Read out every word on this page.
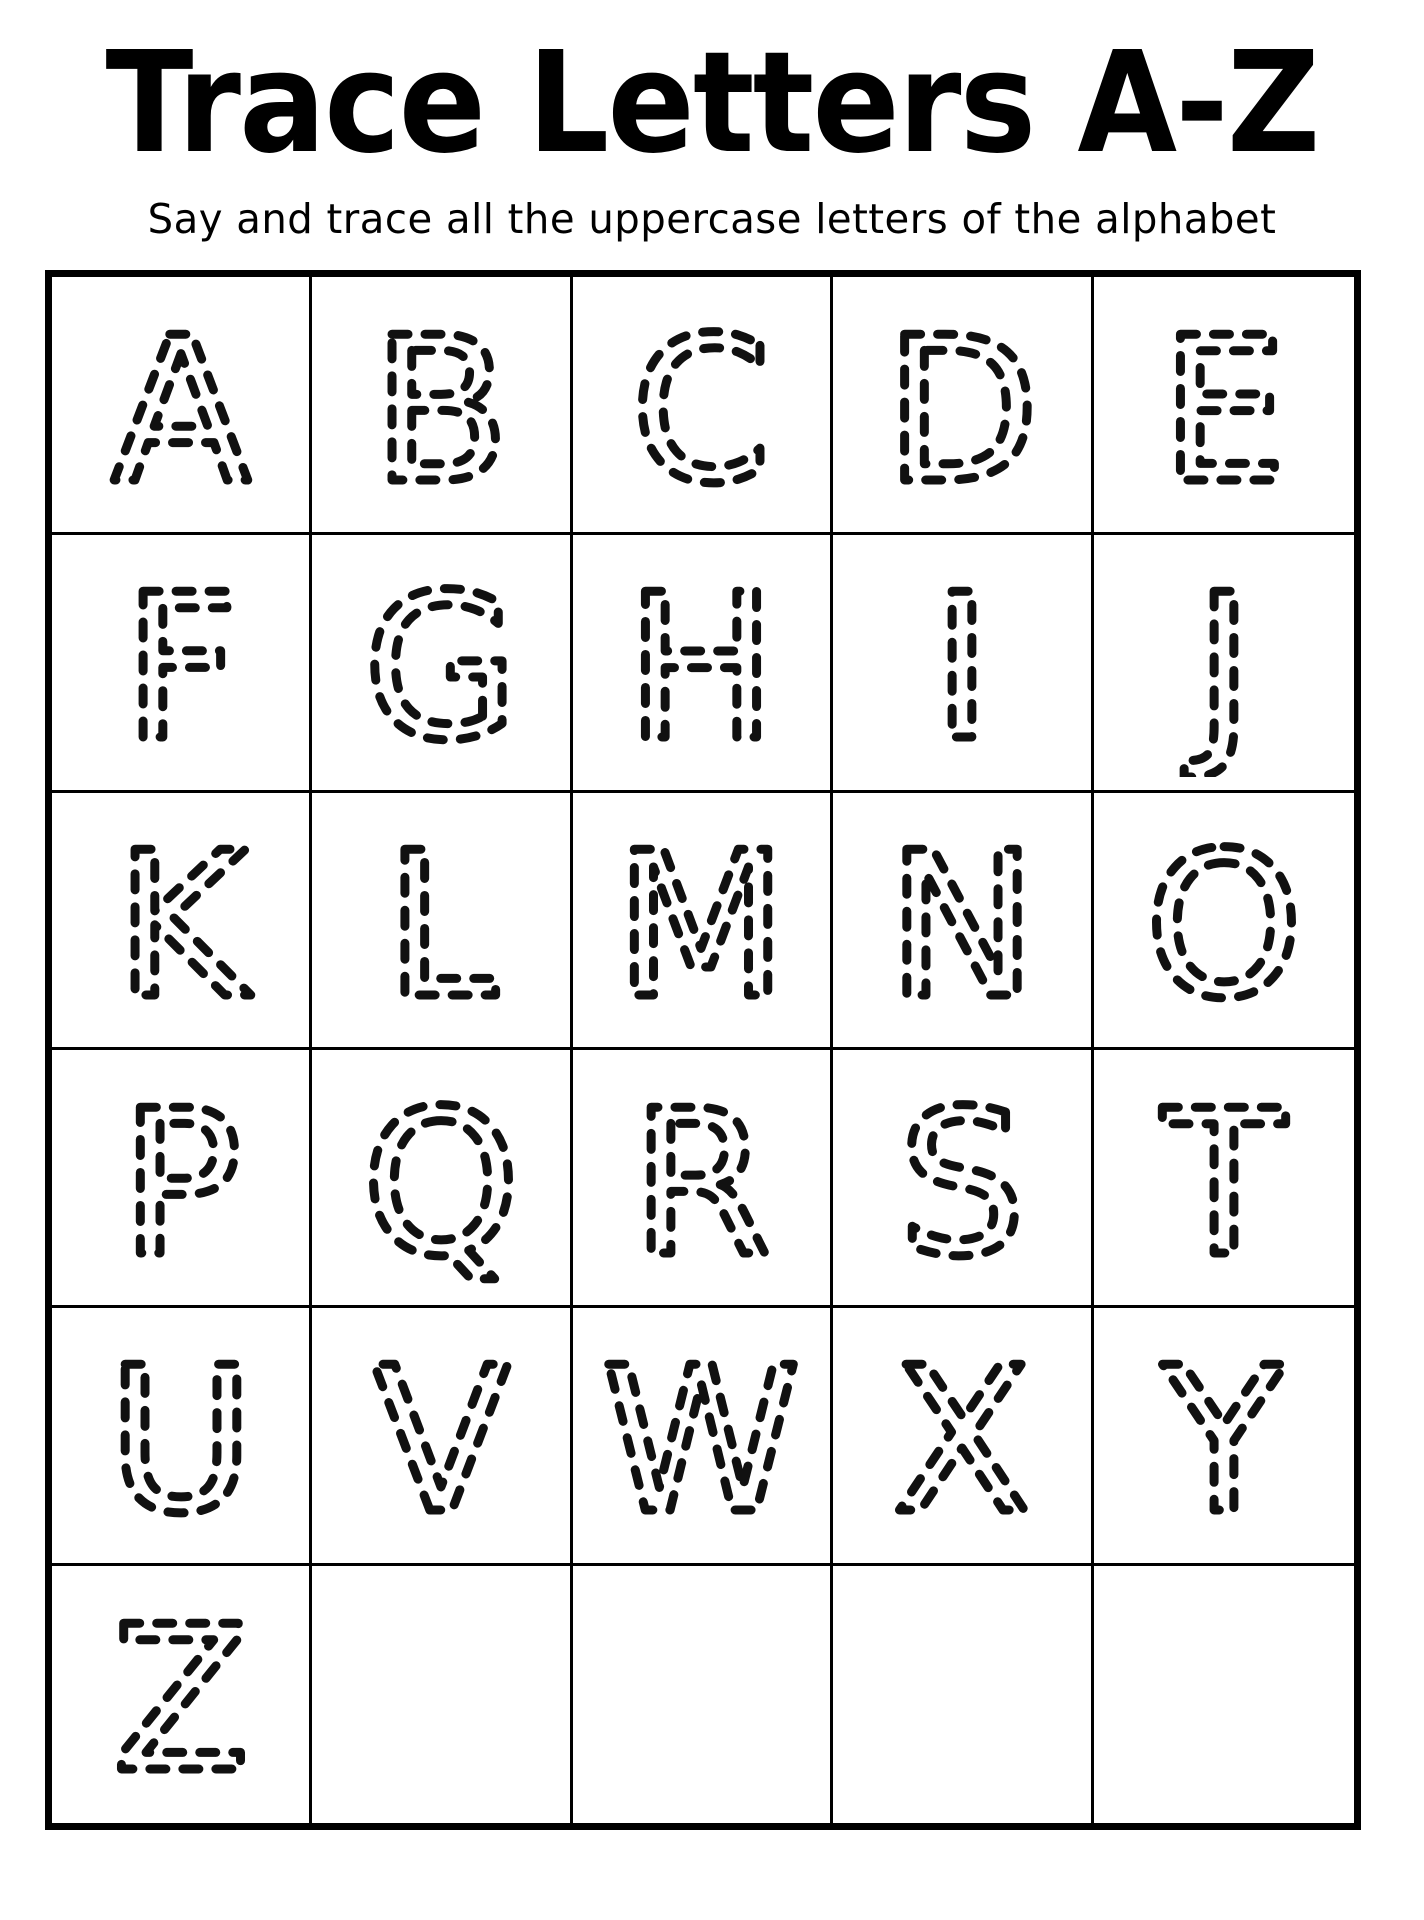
Trace Letters A-Z

Say and trace all the uppercase letters of the alphabet

A B C D E
F G H I J
K L M N O
P Q R S T
U V W X Y
Z
